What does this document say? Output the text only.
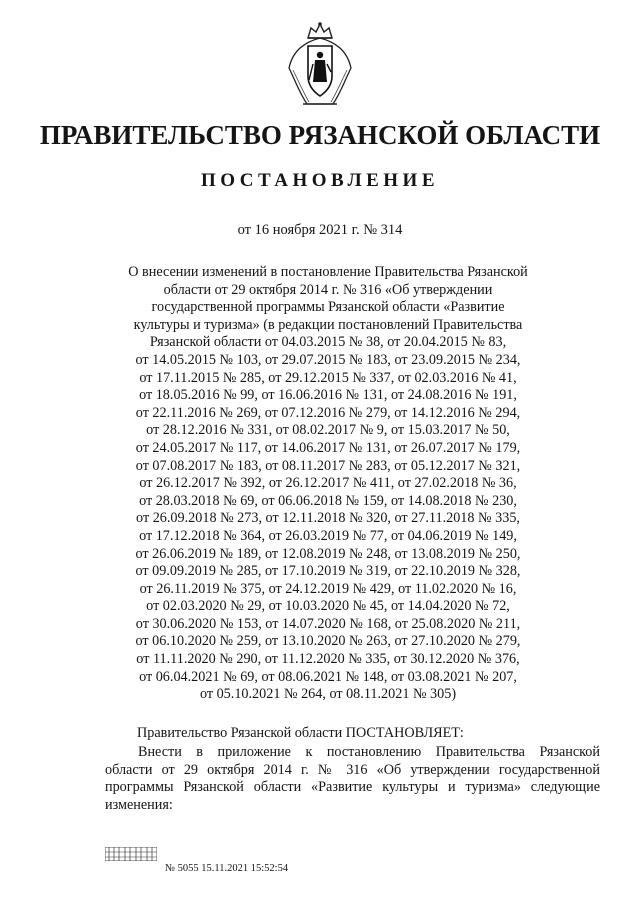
ПРАВИТЕЛЬСТВО РЯЗАНСКОЙ ОБЛАСТИ
ПОСТАНОВЛЕНИЕ
от 16 ноября 2021 г. № 314
О внесении изменений в постановление Правительства Рязанской
области от 29 октября 2014 г. № 316 «Об утверждении
государственной программы Рязанской области «Развитие
культуры и туризма» (в редакции постановлений Правительства
Рязанской области от 04.03.2015 № 38, от 20.04.2015 № 83,
от 14.05.2015 № 103, от 29.07.2015 № 183, от 23.09.2015 № 234,
от 17.11.2015 № 285, от 29.12.2015 № 337, от 02.03.2016 № 41,
от 18.05.2016 № 99, от 16.06.2016 № 131, от 24.08.2016 № 191,
от 22.11.2016 № 269, от 07.12.2016 № 279, от 14.12.2016 № 294,
от 28.12.2016 № 331, от 08.02.2017 № 9, от 15.03.2017 № 50,
от 24.05.2017 № 117, от 14.06.2017 № 131, от 26.07.2017 № 179,
от 07.08.2017 № 183, от 08.11.2017 № 283, от 05.12.2017 № 321,
от 26.12.2017 № 392, от 26.12.2017 № 411, от 27.02.2018 № 36,
от 28.03.2018 № 69, от 06.06.2018 № 159, от 14.08.2018 № 230,
от 26.09.2018 № 273, от 12.11.2018 № 320, от 27.11.2018 № 335,
от 17.12.2018 № 364, от 26.03.2019 № 77, от 04.06.2019 № 149,
от 26.06.2019 № 189, от 12.08.2019 № 248, от 13.08.2019 № 250,
от 09.09.2019 № 285, от 17.10.2019 № 319, от 22.10.2019 № 328,
от 26.11.2019 № 375, от 24.12.2019 № 429, от 11.02.2020 № 16,
от 02.03.2020 № 29, от 10.03.2020 № 45, от 14.04.2020 № 72,
от 30.06.2020 № 153, от 14.07.2020 № 168, от 25.08.2020 № 211,
от 06.10.2020 № 259, от 13.10.2020 № 263, от 27.10.2020 № 279,
от 11.11.2020 № 290, от 11.12.2020 № 335, от 30.12.2020 № 376,
от 06.04.2021 № 69, от 08.06.2021 № 148, от 03.08.2021 № 207,
от 05.10.2021 № 264, от 08.11.2021 № 305)
Правительство Рязанской области ПОСТАНОВЛЯЕТ:
Внести в приложение к постановлению Правительства Рязанской
области от 29 октября 2014 г. № 316 «Об утверждении государственной
программы Рязанской области «Развитие культуры и туризма» следующие
изменения:
№ 5055 15.11.2021 15:52:54
